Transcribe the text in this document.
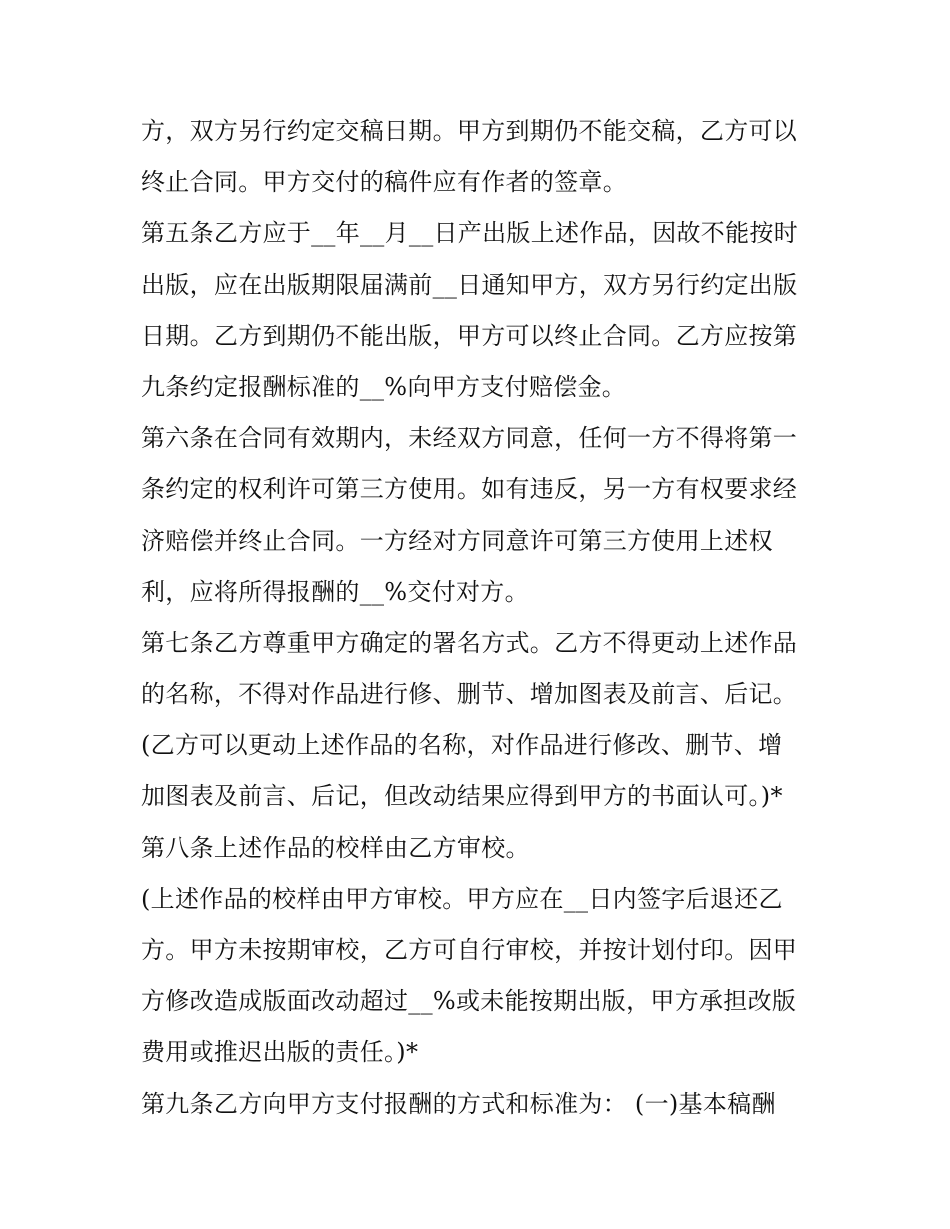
方，双方另行约定交稿日期。甲方到期仍不能交稿，乙方可以
终止合同。甲方交付的稿件应有作者的签章。
第五条乙方应于__年__月__日产出版上述作品，因故不能按时
出版，应在出版期限届满前__日通知甲方，双方另行约定出版
日期。乙方到期仍不能出版，甲方可以终止合同。乙方应按第
九条约定报酬标准的__%向甲方支付赔偿金。
第六条在合同有效期内，未经双方同意，任何一方不得将第一
条约定的权利许可第三方使用。如有违反，另一方有权要求经
济赔偿并终止合同。一方经对方同意许可第三方使用上述权
利，应将所得报酬的__%交付对方。
第七条乙方尊重甲方确定的署名方式。乙方不得更动上述作品
的名称，不得对作品进行修、删节、增加图表及前言、后记。
(乙方可以更动上述作品的名称，对作品进行修改、删节、增
加图表及前言、后记，但改动结果应得到甲方的书面认可。)*
第八条上述作品的校样由乙方审校。
(上述作品的校样由甲方审校。甲方应在__日内签字后退还乙
方。甲方未按期审校，乙方可自行审校，并按计划付印。因甲
方修改造成版面改动超过__%或未能按期出版，甲方承担改版
费用或推迟出版的责任。)*
第九条乙方向甲方支付报酬的方式和标准为： (一)基本稿酬
